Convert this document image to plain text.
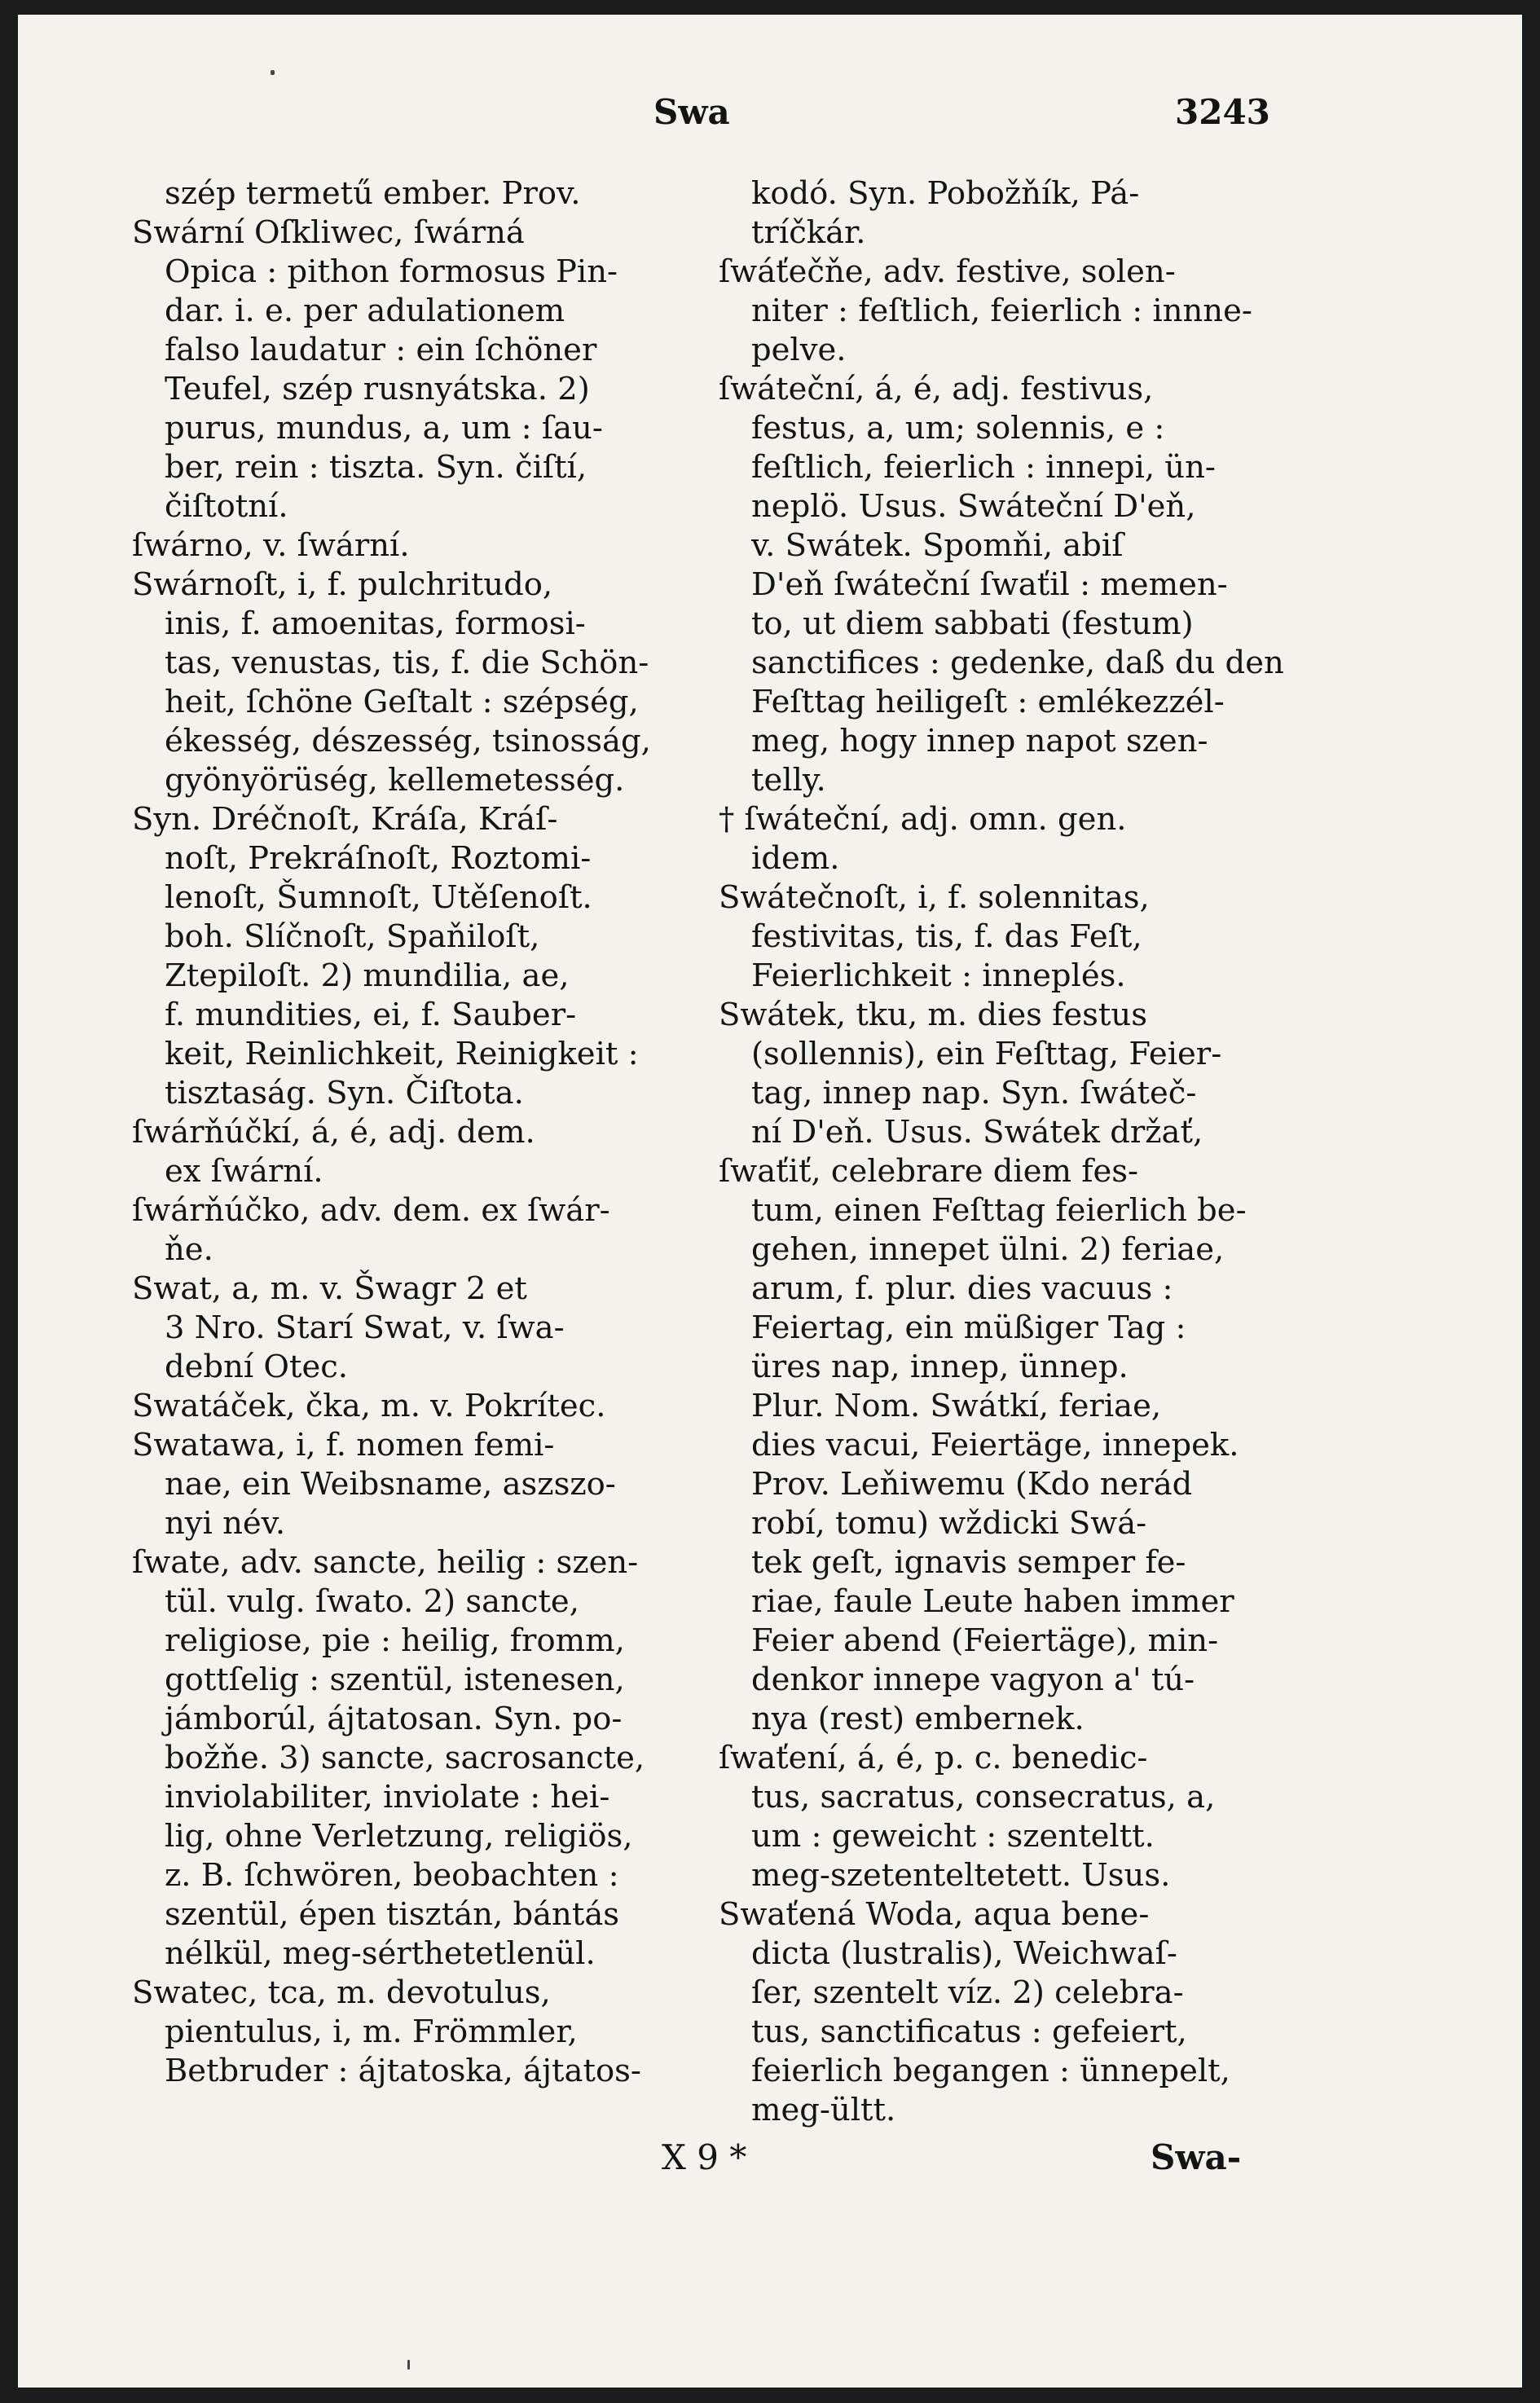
Swa	3243
szép termetű ember. Prov.
Swární Oſkliwec, ſwárná
Opica : pithon formosus Pin-
dar. i. e. per adulationem
falso laudatur : ein ſchöner
Teufel, szép rusnyátska. 2)
purus, mundus, a, um : ſau-
ber, rein : tiszta. Syn. čiſtí,
čiſtotní.
ſwárno, v. ſwární.
Swárnoſt, i, f. pulchritudo,
inis, f. amoenitas, formosi-
tas, venustas, tis, f. die Schön-
heit, ſchöne Geſtalt : szépség,
ékesség, dészesség, tsinosság,
gyönyörüség, kellemetesség.
Syn. Dréčnoſt, Kráſa, Kráſ-
noſt, Prekráſnoſt, Roztomi-
lenoſt, Šumnoſt, Utěſenoſt.
boh. Slíčnoſt, Spaňiloſt,
Ztepiloſt. 2) mundilia, ae,
f. mundities, ei, f. Sauber-
keit, Reinlichkeit, Reinigkeit :
tisztaság. Syn. Čiſtota.
ſwárňúčkí, á, é, adj. dem.
ex ſwární.
ſwárňúčko, adv. dem. ex ſwár-
ňe.
Swat, a, m. v. Šwagr 2 et
3 Nro. Starí Swat, v. ſwa-
dební Otec.
Swatáček, čka, m. v. Pokrítec.
Swatawa, i, f. nomen femi-
nae, ein Weibsname, aszszo-
nyi név.
ſwate, adv. sancte, heilig : szen-
tül. vulg. ſwato. 2) sancte,
religiose, pie : heilig, fromm,
gottſelig : szentül, istenesen,
jámborúl, ájtatosan. Syn. po-
božňe. 3) sancte, sacrosancte,
inviolabiliter, inviolate : hei-
lig, ohne Verletzung, religiös,
z. B. ſchwören, beobachten :
szentül, épen tisztán, bántás
nélkül, meg-sérthetetlenül.
Swatec, tca, m. devotulus,
pientulus, i, m. Frömmler,
Betbruder : ájtatoska, ájtatos-
kodó. Syn. Pobožňík, Pá-
tríčkár.
ſwáťečňe, adv. festive, solen-
niter : feſtlich, feierlich : innne-
pelve.
ſwáteční, á, é, adj. festivus,
festus, a, um; solennis, e :
feſtlich, feierlich : innepi, ün-
neplö. Usus. Swáteční D'eň,
v. Swátek. Spomňi, abiſ
D'eň ſwáteční ſwaťil : memen-
to, ut diem sabbati (festum)
sanctifices : gedenke, daß du den
Feſttag heiligeſt : emlékezzél-
meg, hogy innep napot szen-
telly.
† ſwáteční, adj. omn. gen.
idem.
Swátečnoſt, i, f. solennitas,
festivitas, tis, f. das Feſt,
Feierlichkeit : inneplés.
Swátek, tku, m. dies festus
(sollennis), ein Feſttag, Feier-
tag, innep nap. Syn. ſwáteč-
ní D'eň. Usus. Swátek držať,
ſwaťiť, celebrare diem fes-
tum, einen Feſttag feierlich be-
gehen, innepet ülni. 2) feriae,
arum, f. plur. dies vacuus :
Feiertag, ein müßiger Tag :
üres nap, innep, ünnep.
Plur. Nom. Swátkí, feriae,
dies vacui, Feiertäge, innepek.
Prov. Leňiwemu (Kdo nerád
robí, tomu) wždicki Swá-
tek geſt, ignavis semper fe-
riae, faule Leute haben immer
Feier abend (Feiertäge), min-
denkor innepe vagyon a' tú-
nya (rest) embernek.
ſwaťení, á, é, p. c. benedic-
tus, sacratus, consecratus, a,
um : geweicht : szenteltt.
meg-szetenteltetett. Usus.
Swaťená Woda, aqua bene-
dicta (lustralis), Weichwaſ-
ſer, szentelt víz. 2) celebra-
tus, sanctificatus : gefeiert,
feierlich begangen : ünnepelt,
meg-ültt.
X 9 *	Swa-
